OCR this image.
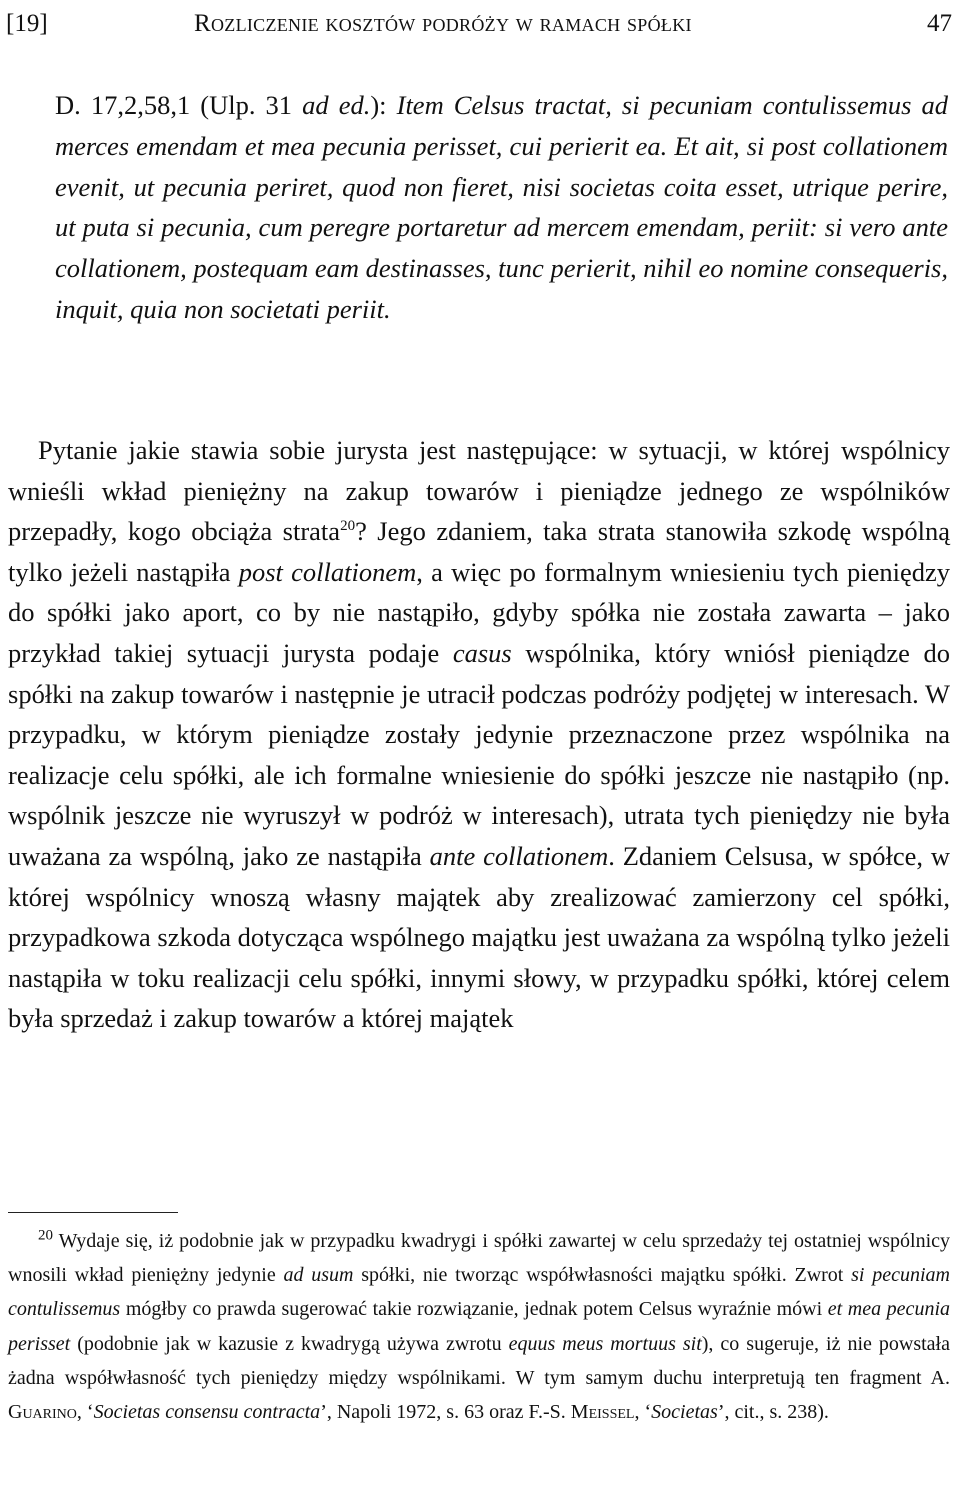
[19]	Rozliczenie kosztów podróży w ramach spółki	47
D. 17,2,58,1 (Ulp. 31 ad ed.): Item Celsus tractat, si pecuniam contulissemus ad merces emendam et mea pecunia perisset, cui perierit ea. Et ait, si post collationem evenit, ut pecunia periret, quod non fieret, nisi societas coita esset, utrique perire, ut puta si pecunia, cum peregre portaretur ad mercem emendam, periit: si vero ante collationem, postequam eam destinasses, tunc perierit, nihil eo nomine consequeris, inquit, quia non societati periit.
Pytanie jakie stawia sobie jurysta jest następujące: w sytuacji, w której wspólnicy wnieśli wkład pieniężny na zakup towarów i pieniądze jednego ze wspólników przepadły, kogo obciąża strata$^{20}$? Jego zdaniem, taka strata stanowiła szkodę wspólną tylko jeżeli nastąpiła post collationem, a więc po formalnym wniesieniu tych pieniędzy do spółki jako aport, co by nie nastąpiło, gdyby spółka nie została zawarta – jako przykład takiej sytuacji jurysta podaje casus wspólnika, który wniósł pieniądze do spółki na zakup towarów i następnie je utracił podczas podróży podjętej w interesach. W przypadku, w którym pieniądze zostały jedynie przeznaczone przez wspólnika na realizacje celu spółki, ale ich formalne wniesienie do spółki jeszcze nie nastąpiło (np. wspólnik jeszcze nie wyruszył w podróż w interesach), utrata tych pieniędzy nie była uważana za wspólną, jako ze nastąpiła ante collationem. Zdaniem Celsusa, w spółce, w której wspólnicy wnoszą własny majątek aby zrealizować zamierzony cel spółki, przypadkowa szkoda dotycząca wspólnego majątku jest uważana za wspólną tylko jeżeli nastąpiła w toku realizacji celu spółki, innymi słowy, w przypadku spółki, której celem była sprzedaż i zakup towarów a której majątek
$^{20}$ Wydaje się, iż podobnie jak w przypadku kwadrygi i spółki zawartej w celu sprzedaży tej ostatniej wspólnicy wnosili wkład pieniężny jedynie ad usum spółki, nie tworząc współwłasności majątku spółki. Zwrot si pecuniam contulissemus mógłby co prawda sugerować takie rozwiązanie, jednak potem Celsus wyraźnie mówi et mea pecunia perisset (podobnie jak w kazusie z kwadrygą używa zwrotu equus meus mortuus sit), co sugeruje, iż nie powstała żadna współwłasność tych pieniędzy między wspólnikami. W tym samym duchu interpretują ten fragment A. Guarino, ‘Societas consensu contracta’, Napoli 1972, s. 63 oraz F.-S. Meissel, ‘Societas’, cit., s. 238).
